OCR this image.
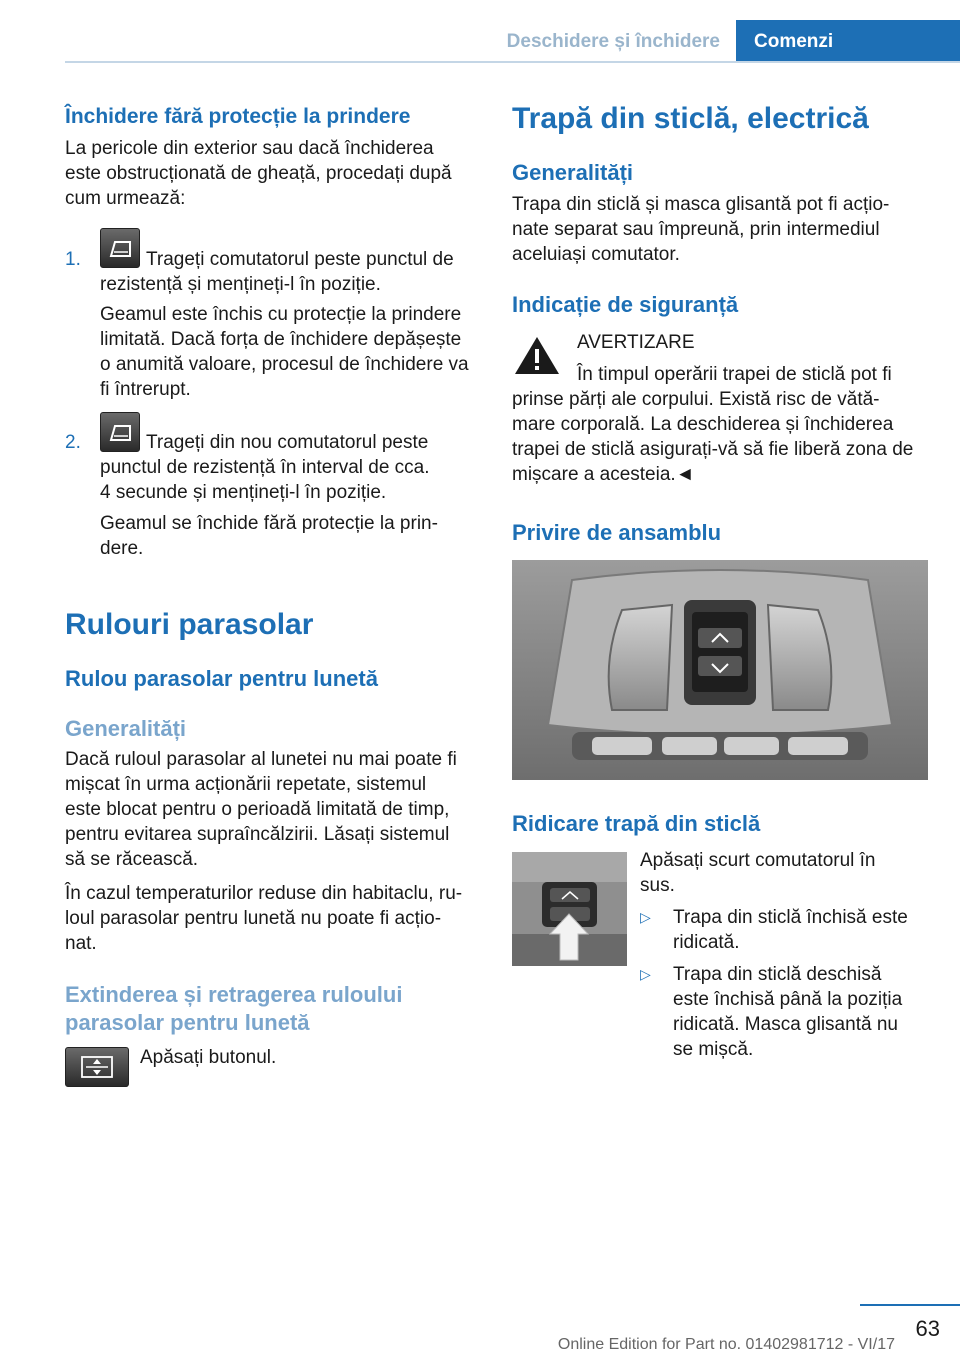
Deschidere și închidere	Comenzi
Închidere fără protecție la prindere
La pericole din exterior sau dacă închiderea
este obstrucționată de gheață, procedați după
cum urmează:
1.	Trageți comutatorul peste punctul de
rezistență și mențineți-l în poziție.
Geamul este închis cu protecție la prindere
limitată. Dacă forța de închidere depășește
o anumită valoare, procesul de închidere va
fi întrerupt.
2.	Trageți din nou comutatorul peste
punctul de rezistență în interval de cca.
4 secunde și mențineți-l în poziție.
Geamul se închide fără protecție la prin‐
dere.
Rulouri parasolar
Rulou parasolar pentru lunetă
Generalități
Dacă ruloul parasolar al lunetei nu mai poate fi
mișcat în urma acționării repetate, sistemul
este blocat pentru o perioadă limitată de timp,
pentru evitarea supraîncălzirii. Lăsați sistemul
să se răcească.
În cazul temperaturilor reduse din habitaclu, ru‐
loul parasolar pentru lunetă nu poate fi acțio‐
nat.
Extinderea și retragerea ruloului
parasolar pentru lunetă
Apăsați butonul.
Trapă din sticlă, electrică
Generalități
Trapa din sticlă și masca glisantă pot fi acțio‐
nate separat sau împreună, prin intermediul
aceluiași comutator.
Indicație de siguranță
AVERTIZARE
În timpul operării trapei de sticlă pot fi
prinse părți ale corpului. Există risc de vătă‐
mare corporală. La deschiderea și închiderea
trapei de sticlă asigurați-vă să fie liberă zona de
mișcare a acesteia.◄
Privire de ansamblu
Ridicare trapă din sticlă
Apăsați scurt comutatorul în
sus.
▷ Trapa din sticlă închisă este
ridicată.
▷ Trapa din sticlă deschisă
este închisă până la poziția
ridicată. Masca glisantă nu
se mișcă.
63
Online Edition for Part no. 01402981712 - VI/17
